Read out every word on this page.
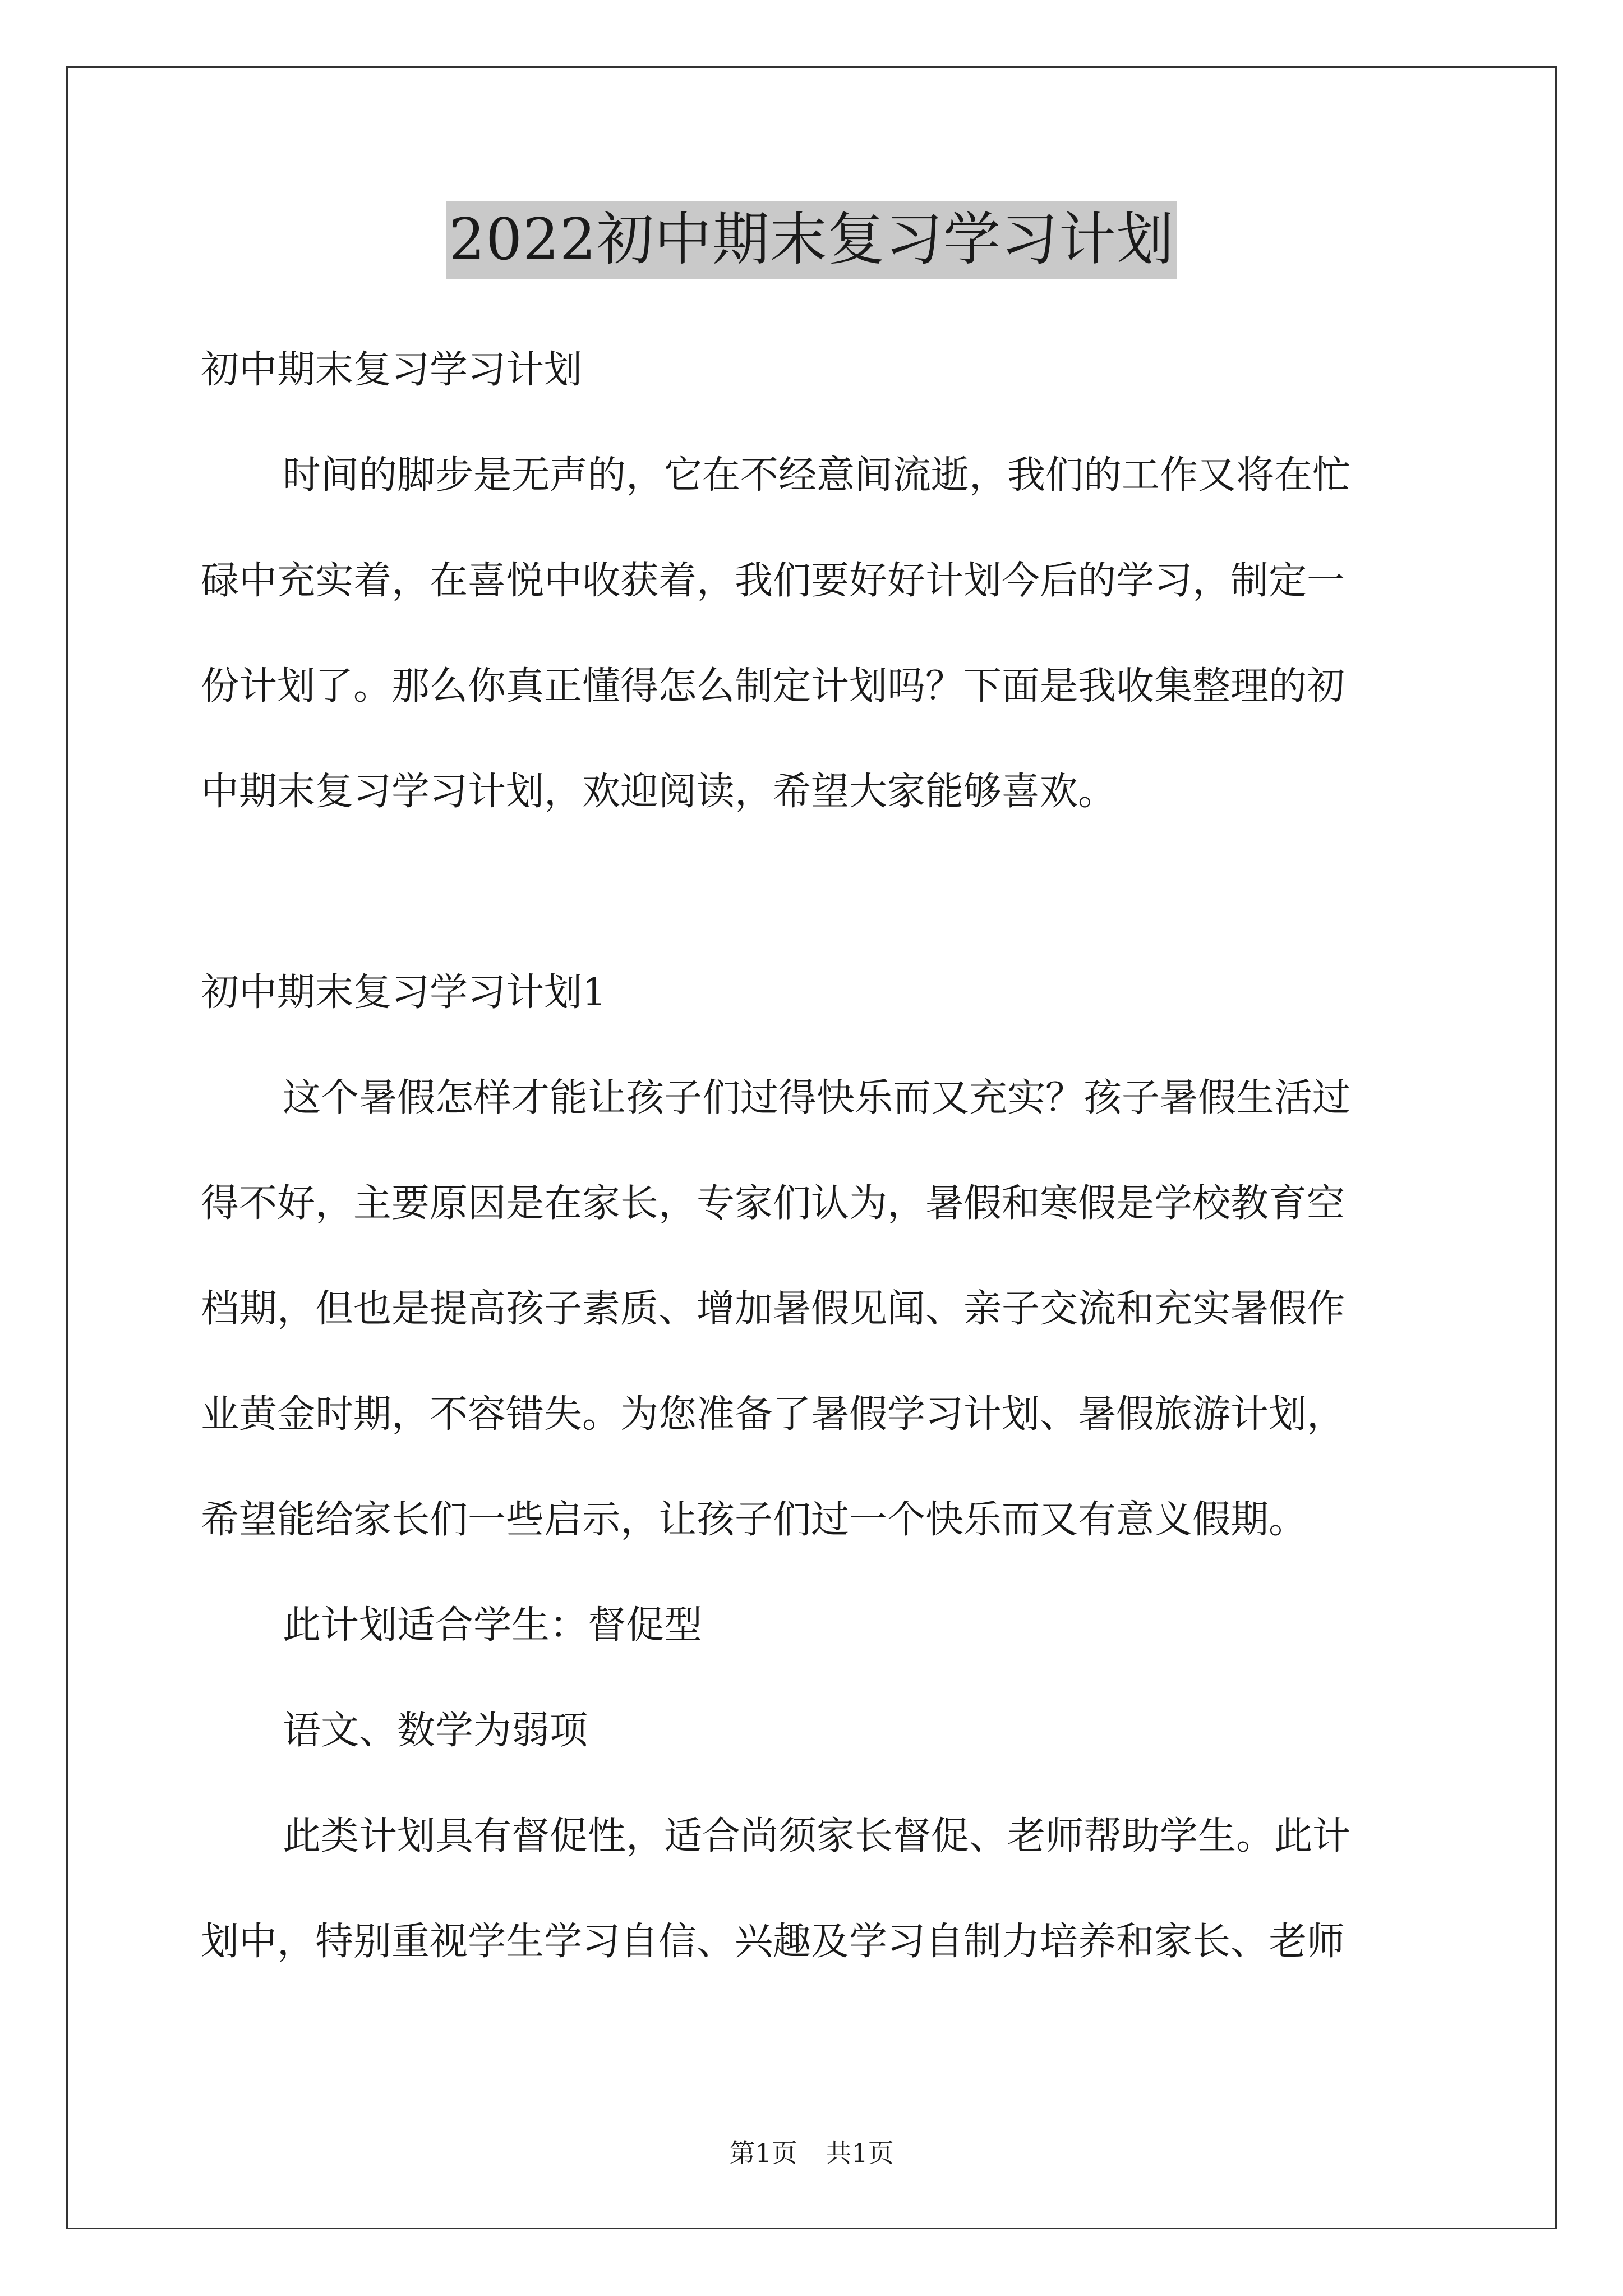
2022初中期末复习学习计划
初中期末复习学习计划
时间的脚步是无声的，它在不经意间流逝，我们的工作又将在忙
碌中充实着，在喜悦中收获着，我们要好好计划今后的学习，制定一
份计划了。那么你真正懂得怎么制定计划吗？下面是我收集整理的初
中期末复习学习计划，欢迎阅读，希望大家能够喜欢。
初中期末复习学习计划1
这个暑假怎样才能让孩子们过得快乐而又充实？孩子暑假生活过
得不好，主要原因是在家长，专家们认为，暑假和寒假是学校教育空
档期，但也是提高孩子素质、增加暑假见闻、亲子交流和充实暑假作
业黄金时期，不容错失。为您准备了暑假学习计划、暑假旅游计划，
希望能给家长们一些启示，让孩子们过一个快乐而又有意义假期。
此计划适合学生：督促型
语文、数学为弱项
此类计划具有督促性，适合尚须家长督促、老师帮助学生。此计
划中，特别重视学生学习自信、兴趣及学习自制力培养和家长、老师
第1页 共1页
